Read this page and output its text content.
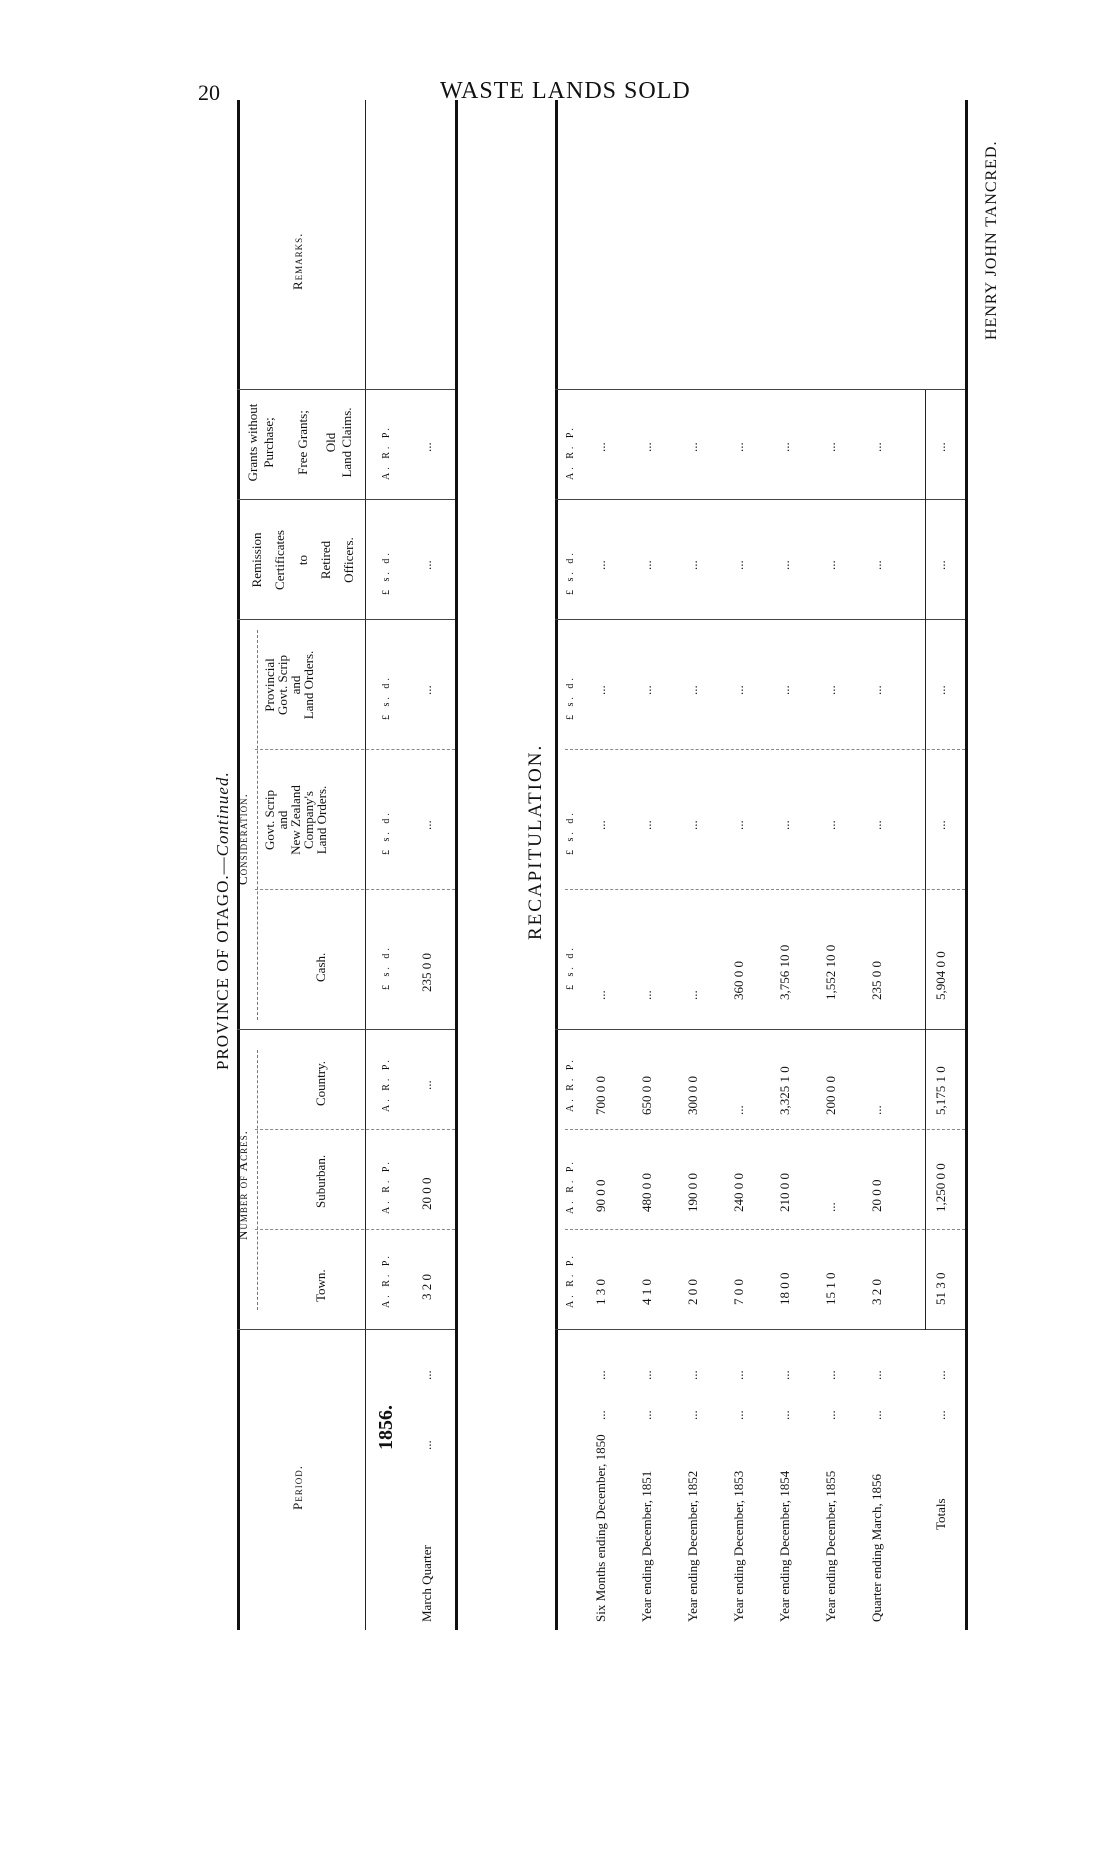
20	WASTE LANDS SOLD
PROVINCE OF OTAGO.—Continued.
Period.
Number of Acres.
Town.
Suburban.
Country.
Consideration.
Cash.
Govt. Scrip
and
New Zealand
Company's
Land Orders.
Provincial
Govt. Scrip
and
Land Orders.
Remission Certificates to Retired Officers.
Grants without Purchase; Free Grants; Old Land Claims.
Remarks.
A. R. P.
A. R. P.
A. R. P.
£ s. d.
£ s. d.
£ s. d.
£ s. d.
A. R. P.
1856.
March Quarter
...
...
3 2 0
20 0 0
...
235 0 0
...
...
...
...
RECAPITULATION.
A. R. P.
A. R. P.
A. R. P.
£ s. d.
£ s. d.
£ s. d.
£ s. d.
A. R. P.
Six Months ending December, 1850
...
...
1 3 0
90 0 0
700 0 0
...
...
...
...
...
Year ending December, 1851
...
...
4 1 0
480 0 0
650 0 0
...
...
...
...
...
Year ending December, 1852
...
...
2 0 0
190 0 0
300 0 0
...
...
...
...
...
Year ending December, 1853
...
...
7 0 0
240 0 0
...
360 0 0
...
...
...
...
Year ending December, 1854
...
...
18 0 0
210 0 0
3,325 1 0
3,756 10 0
...
...
...
...
Year ending December, 1855
...
...
15 1 0
...
200 0 0
1,552 10 0
...
...
...
...
Quarter ending March, 1856
...
...
3 2 0
20 0 0
...
235 0 0
...
...
...
...
Totals
...
...
51 3 0
1,250 0 0
5,175 1 0
5,904 0 0
...
...
...
...
HENRY JOHN TANCRED.
